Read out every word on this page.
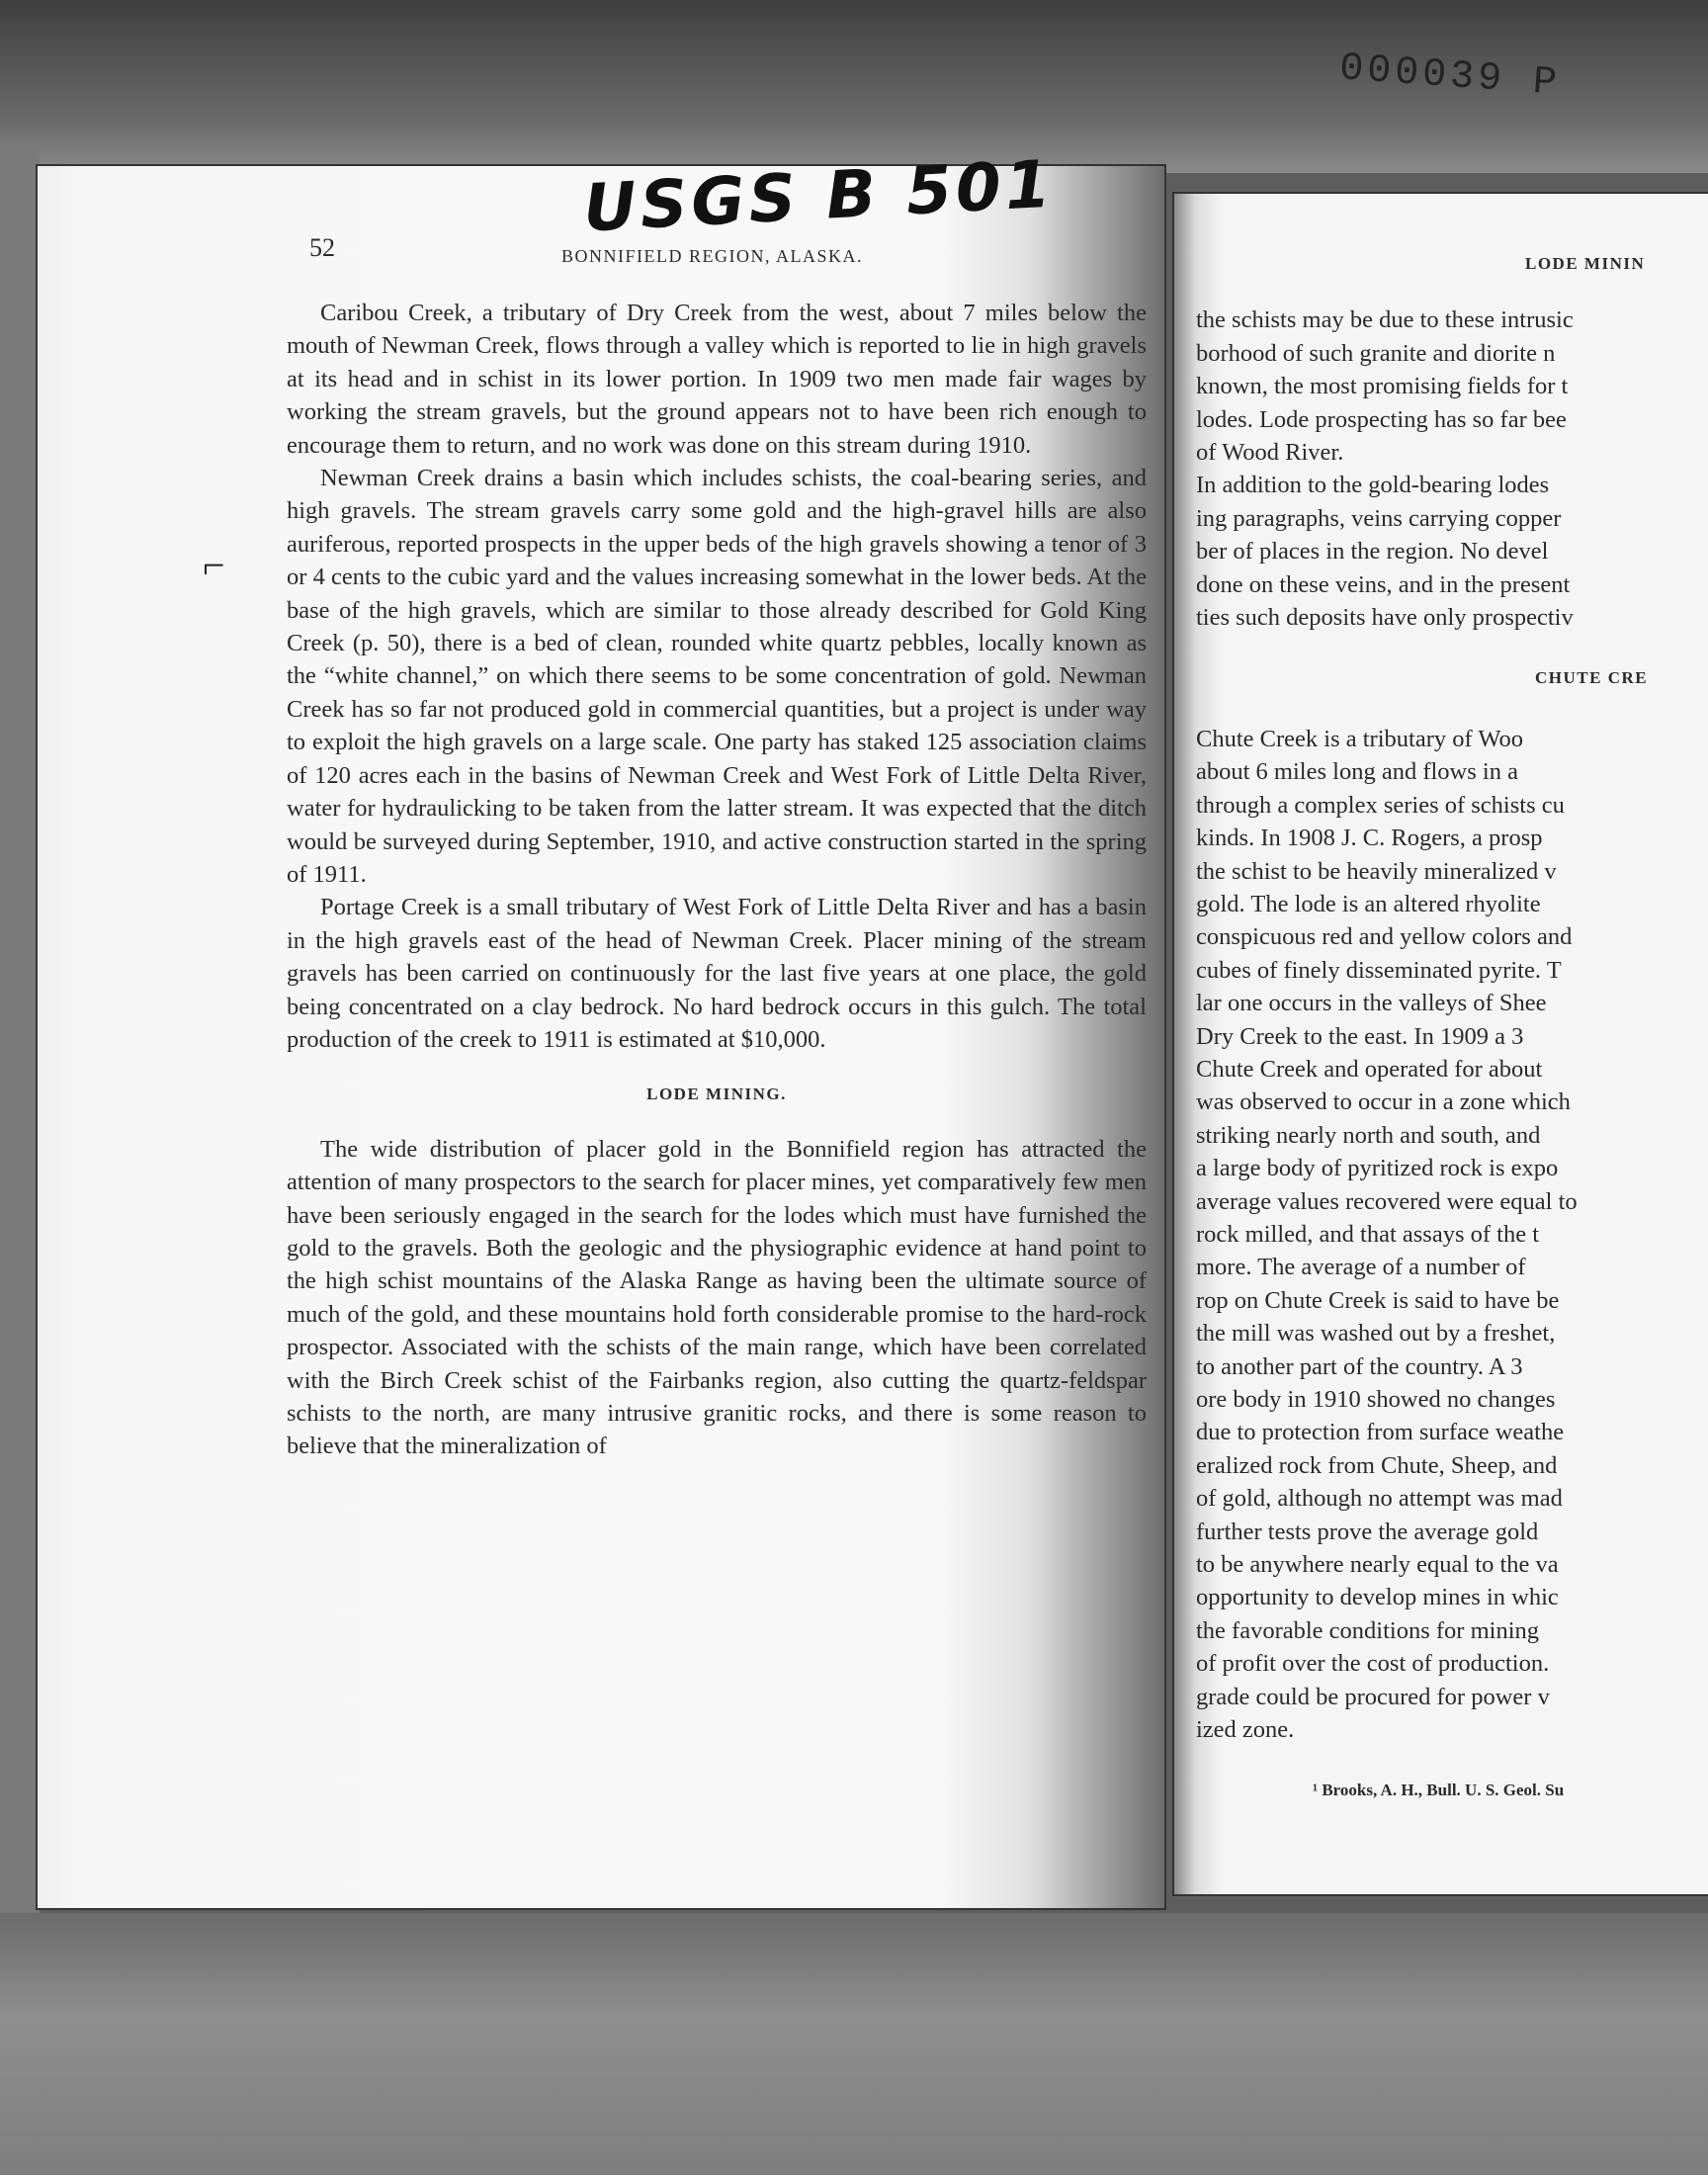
000039 P
USGS B 501
52	BONNIFIELD REGION, ALASKA.
⌐

Caribou Creek, a tributary of Dry Creek from the west, about 7 miles below the mouth of Newman Creek, flows through a valley which is reported to lie in high gravels at its head and in schist in its lower portion. In 1909 two men made fair wages by working the stream gravels, but the ground appears not to have been rich enough to encourage them to return, and no work was done on this stream during 1910.

Newman Creek drains a basin which includes schists, the coal-bearing series, and high gravels. The stream gravels carry some gold and the high-gravel hills are also auriferous, reported prospects in the upper beds of the high gravels showing a tenor of 3 or 4 cents to the cubic yard and the values increasing somewhat in the lower beds. At the base of the high gravels, which are similar to those already described for Gold King Creek (p. 50), there is a bed of clean, rounded white quartz pebbles, locally known as the “white channel,” on which there seems to be some concentration of gold. Newman Creek has so far not produced gold in commercial quantities, but a project is under way to exploit the high gravels on a large scale. One party has staked 125 association claims of 120 acres each in the basins of Newman Creek and West Fork of Little Delta River, water for hydraulicking to be taken from the latter stream. It was expected that the ditch would be surveyed during September, 1910, and active construction started in the spring of 1911.

Portage Creek is a small tributary of West Fork of Little Delta River and has a basin in the high gravels east of the head of Newman Creek. Placer mining of the stream gravels has been carried on continuously for the last five years at one place, the gold being concentrated on a clay bedrock. No hard bedrock occurs in this gulch. The total production of the creek to 1911 is estimated at $10,000.

LODE MINING.

The wide distribution of placer gold in the Bonnifield region has attracted the attention of many prospectors to the search for placer mines, yet comparatively few men have been seriously engaged in the search for the lodes which must have furnished the gold to the gravels. Both the geologic and the physiographic evidence at hand point to the high schist mountains of the Alaska Range as having been the ultimate source of much of the gold, and these mountains hold forth considerable promise to the hard-rock prospector. Associated with the schists of the main range, which have been correlated with the Birch Creek schist of the Fairbanks region, also cutting the quartz-feldspar schists to the north, are many intrusive granitic rocks, and there is some reason to believe that the mineralization of

LODE MININ
the schists may be due to these intrusic
borhood of such granite and diorite n
known, the most promising fields for t
lodes. Lode prospecting has so far bee
of Wood River.
In addition to the gold-bearing lodes
ing paragraphs, veins carrying copper
ber of places in the region. No devel
done on these veins, and in the present
ties such deposits have only prospectiv
CHUTE CRE
Chute Creek is a tributary of Woo
about 6 miles long and flows in a
through a complex series of schists cu
kinds. In 1908 J. C. Rogers, a prosp
the schist to be heavily mineralized v
gold. The lode is an altered rhyolite
conspicuous red and yellow colors and
cubes of finely disseminated pyrite. T
lar one occurs in the valleys of Shee
Dry Creek to the east. In 1909 a 3
Chute Creek and operated for about
was observed to occur in a zone which
striking nearly north and south, and
a large body of pyritized rock is expo
average values recovered were equal to
rock milled, and that assays of the t
more. The average of a number of
rop on Chute Creek is said to have be
the mill was washed out by a freshet,
to another part of the country. A 3
ore body in 1910 showed no changes
due to protection from surface weathe
eralized rock from Chute, Sheep, and
of gold, although no attempt was mad
further tests prove the average gold
to be anywhere nearly equal to the va
opportunity to develop mines in whic
the favorable conditions for mining
of profit over the cost of production.
grade could be procured for power v
ized zone.
¹ Brooks, A. H., Bull. U. S. Geol. Su
